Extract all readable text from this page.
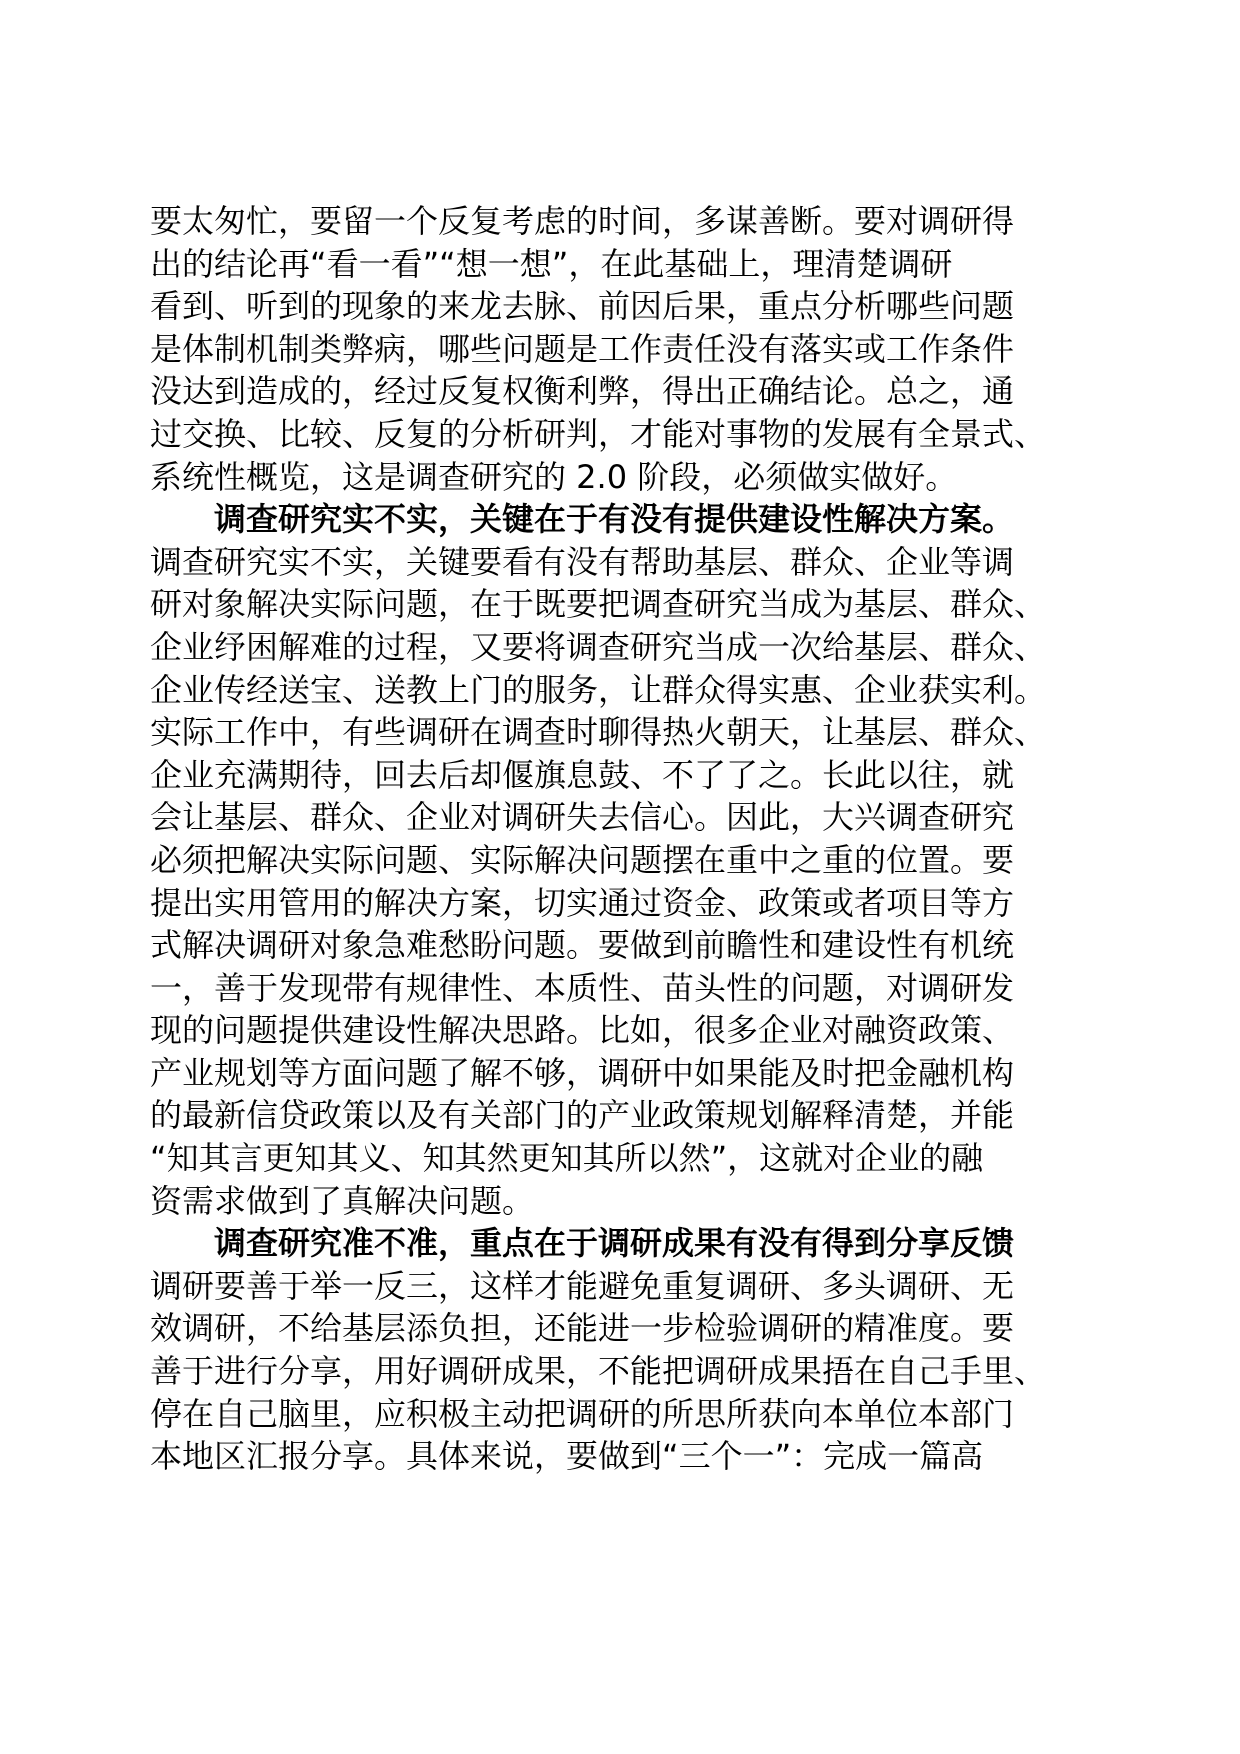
要太匆忙，要留一个反复考虑的时间，多谋善断。要对调研得
出的结论再“看一看”“想一想”，在此基础上，理清楚调研
看到、听到的现象的来龙去脉、前因后果，重点分析哪些问题
是体制机制类弊病，哪些问题是工作责任没有落实或工作条件
没达到造成的，经过反复权衡利弊，得出正确结论。总之，通
过交换、比较、反复的分析研判，才能对事物的发展有全景式、
系统性概览，这是调查研究的 2.0 阶段，必须做实做好。
调查研究实不实，关键在于有没有提供建设性解决方案。
调查研究实不实，关键要看有没有帮助基层、群众、企业等调
研对象解决实际问题，在于既要把调查研究当成为基层、群众、
企业纾困解难的过程，又要将调查研究当成一次给基层、群众、
企业传经送宝、送教上门的服务，让群众得实惠、企业获实利。
实际工作中，有些调研在调查时聊得热火朝天，让基层、群众、
企业充满期待，回去后却偃旗息鼓、不了了之。长此以往，就
会让基层、群众、企业对调研失去信心。因此，大兴调查研究
必须把解决实际问题、实际解决问题摆在重中之重的位置。要
提出实用管用的解决方案，切实通过资金、政策或者项目等方
式解决调研对象急难愁盼问题。要做到前瞻性和建设性有机统
一，善于发现带有规律性、本质性、苗头性的问题，对调研发
现的问题提供建设性解决思路。比如，很多企业对融资政策、
产业规划等方面问题了解不够，调研中如果能及时把金融机构
的最新信贷政策以及有关部门的产业政策规划解释清楚，并能
“知其言更知其义、知其然更知其所以然”，这就对企业的融
资需求做到了真解决问题。
调查研究准不准，重点在于调研成果有没有得到分享反馈
调研要善于举一反三，这样才能避免重复调研、多头调研、无
效调研，不给基层添负担，还能进一步检验调研的精准度。要
善于进行分享，用好调研成果，不能把调研成果捂在自己手里、
停在自己脑里，应积极主动把调研的所思所获向本单位本部门
本地区汇报分享。具体来说，要做到“三个一”：完成一篇高
